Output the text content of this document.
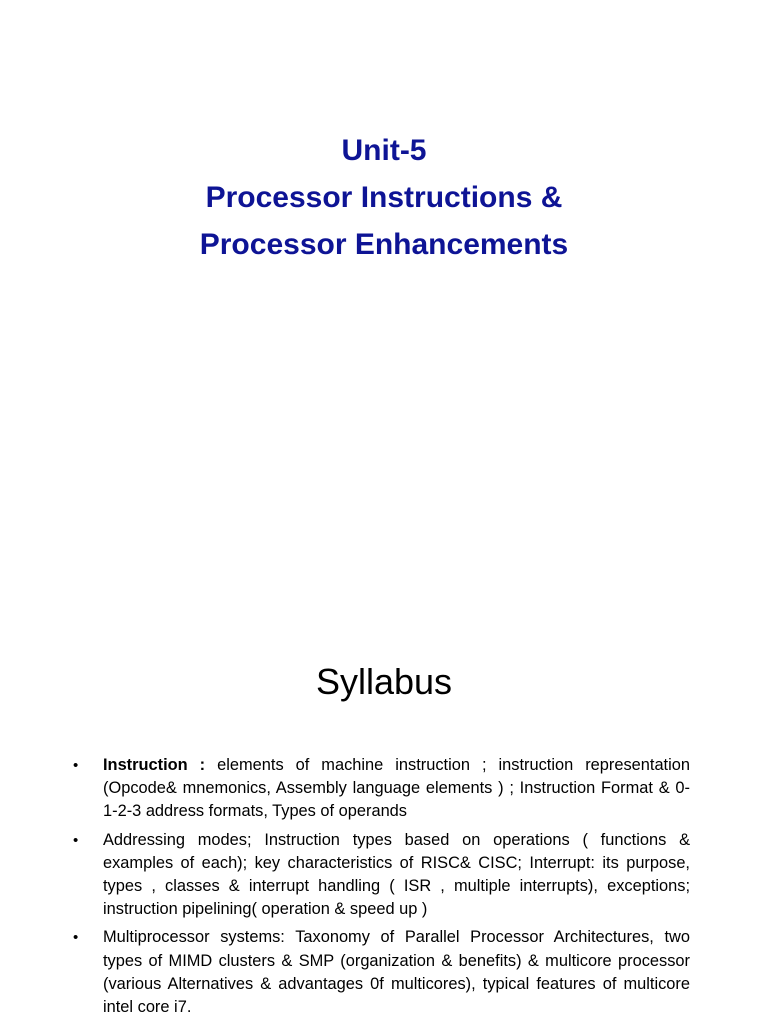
Unit-5
Processor Instructions &
Processor Enhancements
Syllabus
• Instruction : elements of machine instruction ; instruction representation (Opcode& mnemonics, Assembly language elements ) ; Instruction Format & 0-1-2-3 address formats, Types of operands
• Addressing modes; Instruction types based on operations ( functions & examples of each); key characteristics of RISC& CISC; Interrupt: its purpose, types , classes & interrupt handling ( ISR , multiple interrupts), exceptions; instruction pipelining( operation & speed up )
• Multiprocessor systems: Taxonomy of Parallel Processor Architectures, two types of MIMD clusters & SMP (organization & benefits) & multicore processor (various Alternatives & advantages 0f multicores), typical features of multicore intel core i7.
